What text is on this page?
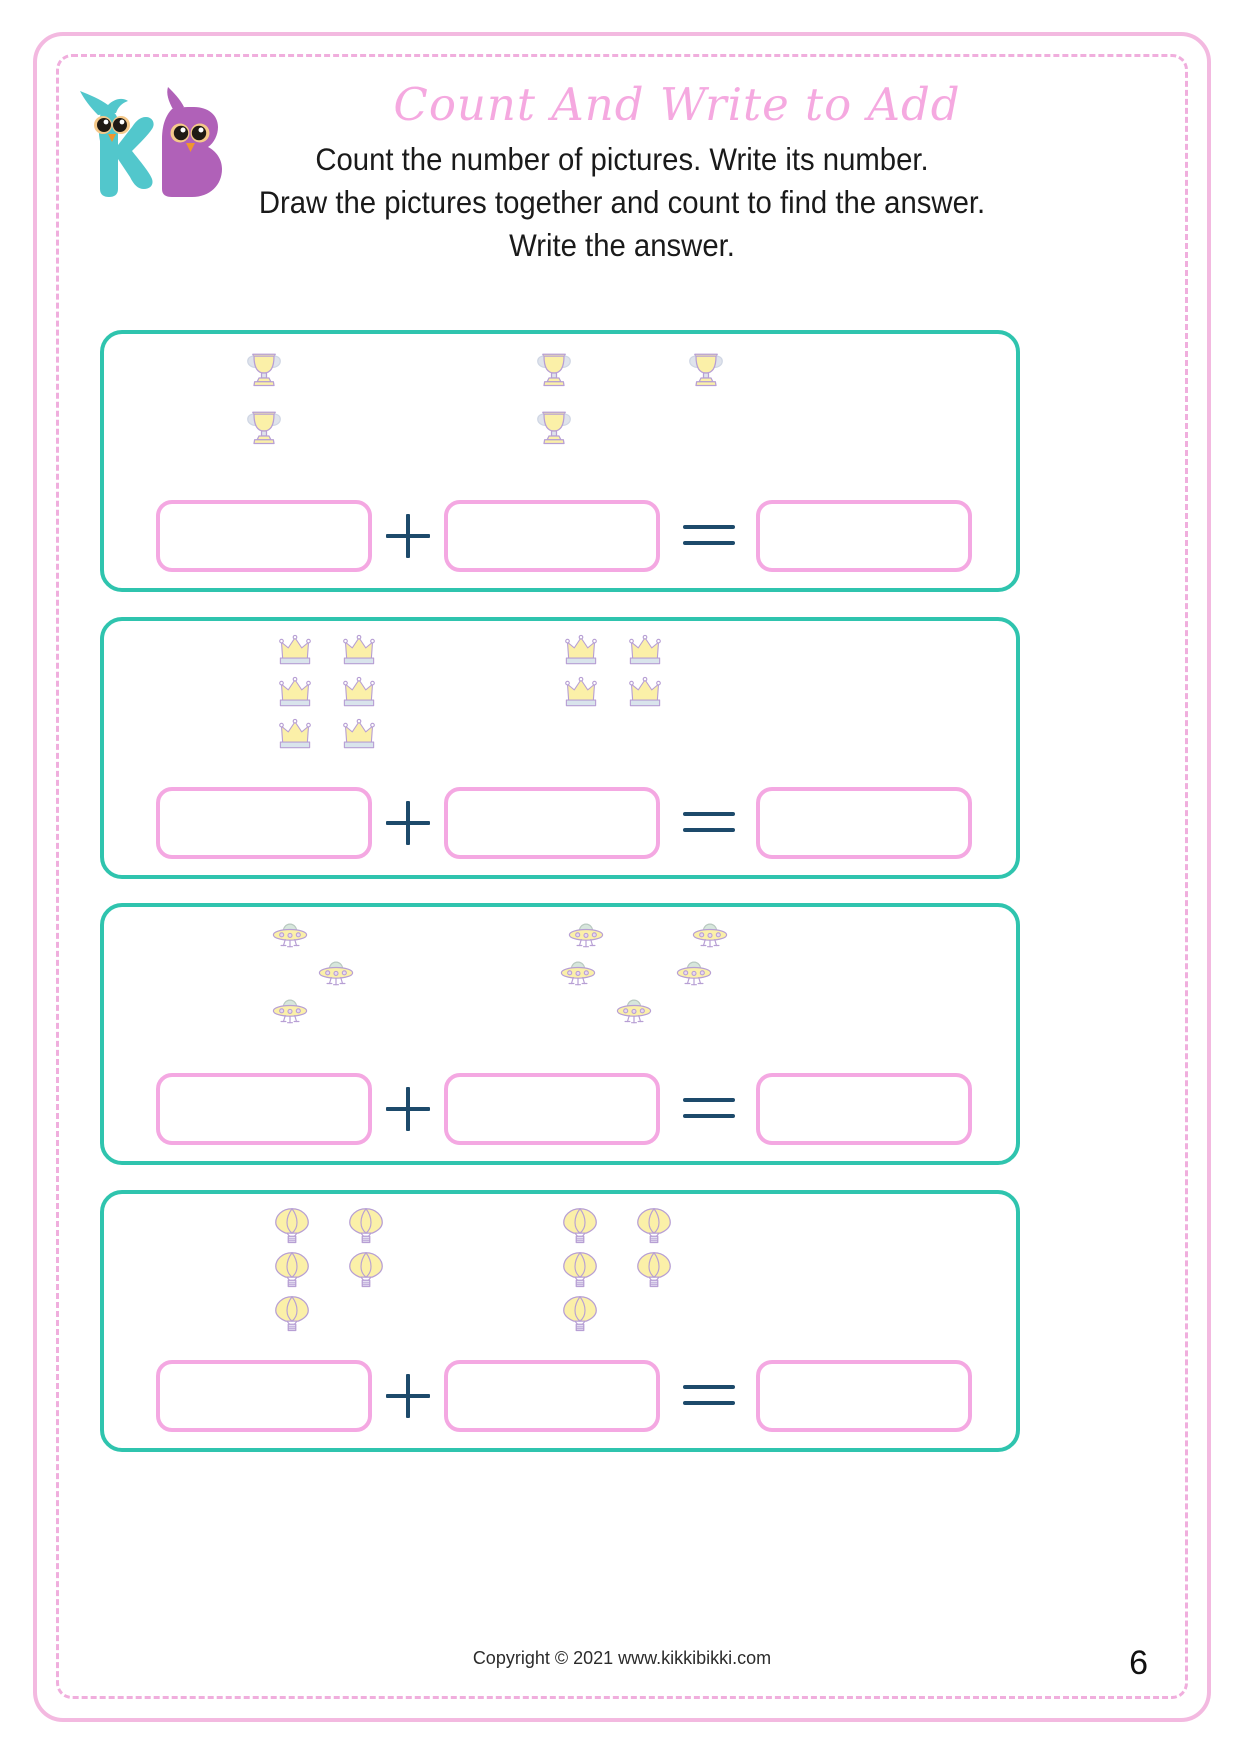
Count And Write to Add
Count the number of pictures. Write its number.
Draw the pictures together and count to find the answer.
Write the answer.
Copyright © 2021 www.kikkibikki.com	6
